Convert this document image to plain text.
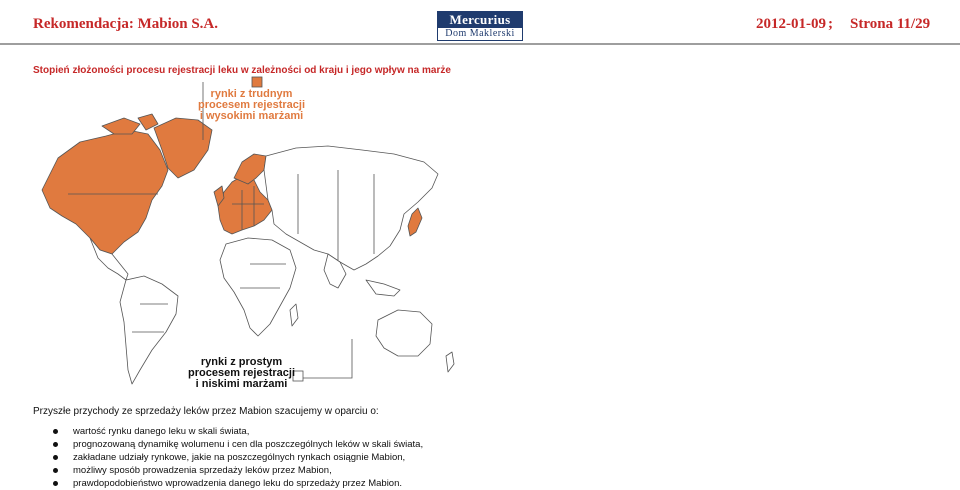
Rekomendacja: Mabion S.A.	Mercurius
Dom Maklerski
2012-01-09 ; Strona 11/29
Stopień złożoności procesu rejestracji leku w zależności od kraju i jego wpływ na marże
rynki z trudnym
procesem rejestracji
i wysokimi marżami
rynki z prostym
procesem rejestracji
i niskimi marżami
Przyszłe przychody ze sprzedaży leków przez Mabion szacujemy w oparciu o:
wartość rynku danego leku w skali świata,
prognozowaną dynamikę wolumenu i cen dla poszczególnych leków w skali świata,
zakładane udziały rynkowe, jakie na poszczególnych rynkach osiągnie Mabion,
możliwy sposób prowadzenia sprzedaży leków przez Mabion,
prawdopodobieństwo wprowadzenia danego leku do sprzedaży przez Mabion.
